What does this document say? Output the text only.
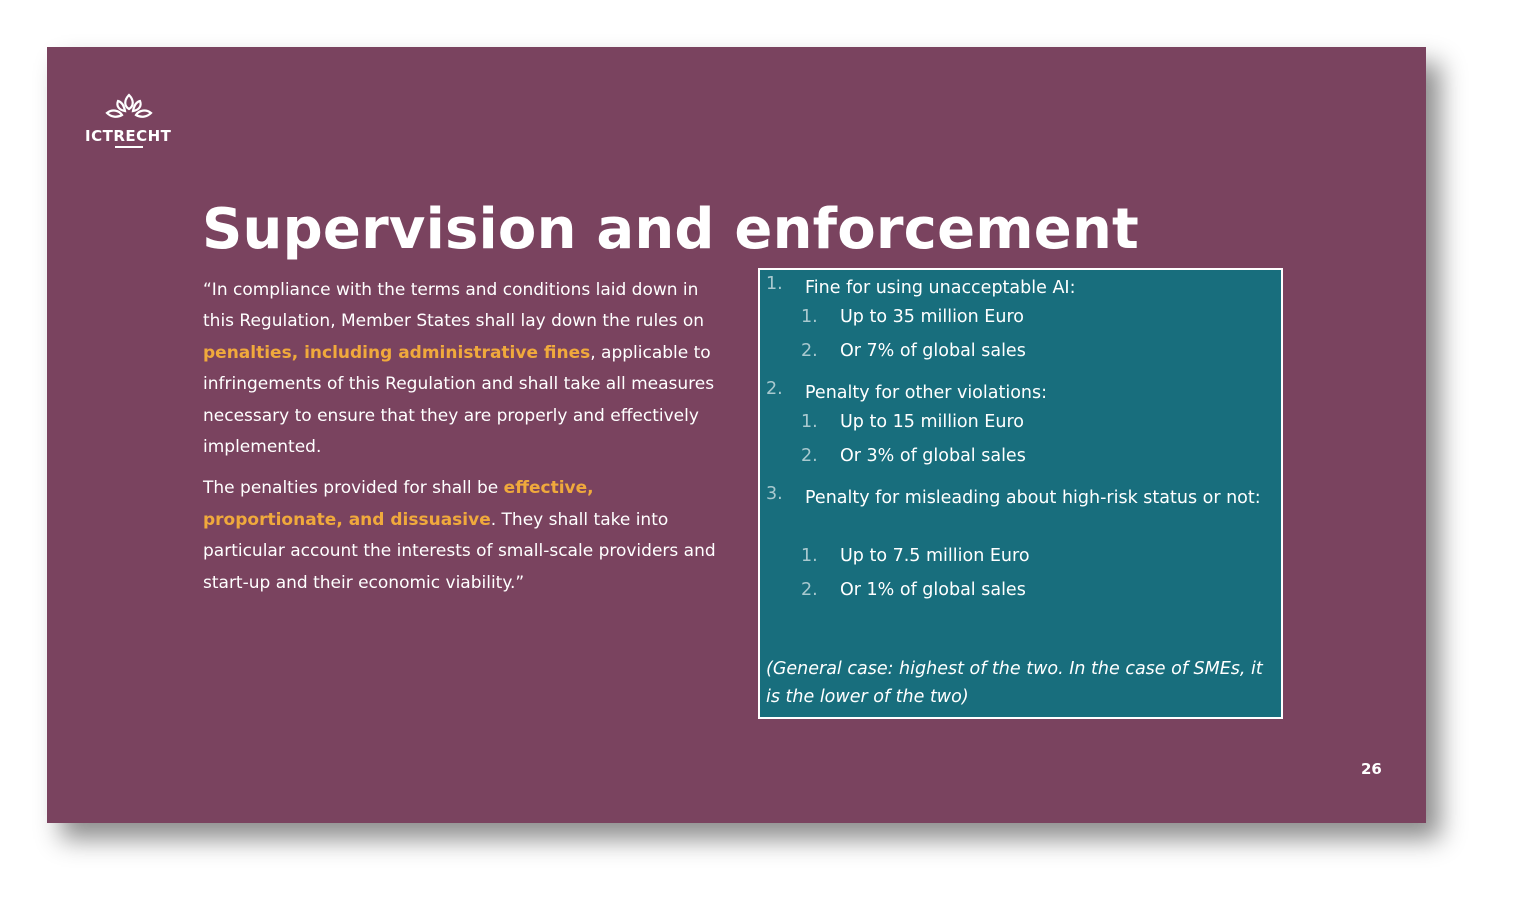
ICTRECHT
Supervision and enforcement

“In compliance with the terms and conditions laid down in this Regulation, Member States shall lay down the rules on penalties, including administrative fines, applicable to infringements of this Regulation and shall take all measures necessary to ensure that they are properly and effectively implemented.

The penalties provided for shall be effective, proportionate, and dissuasive. They shall take into particular account the interests of small-scale providers and start-up and their economic viability.”

1. Fine for using unacceptable AI:
1. Up to 35 million Euro
2. Or 7% of global sales
2. Penalty for other violations:
1. Up to 15 million Euro
2. Or 3% of global sales
3. Penalty for misleading about high-risk status or not:
1. Up to 7.5 million Euro
2. Or 1% of global sales
(General case: highest of the two. In the case of SMEs, it is the lower of the two)
26
